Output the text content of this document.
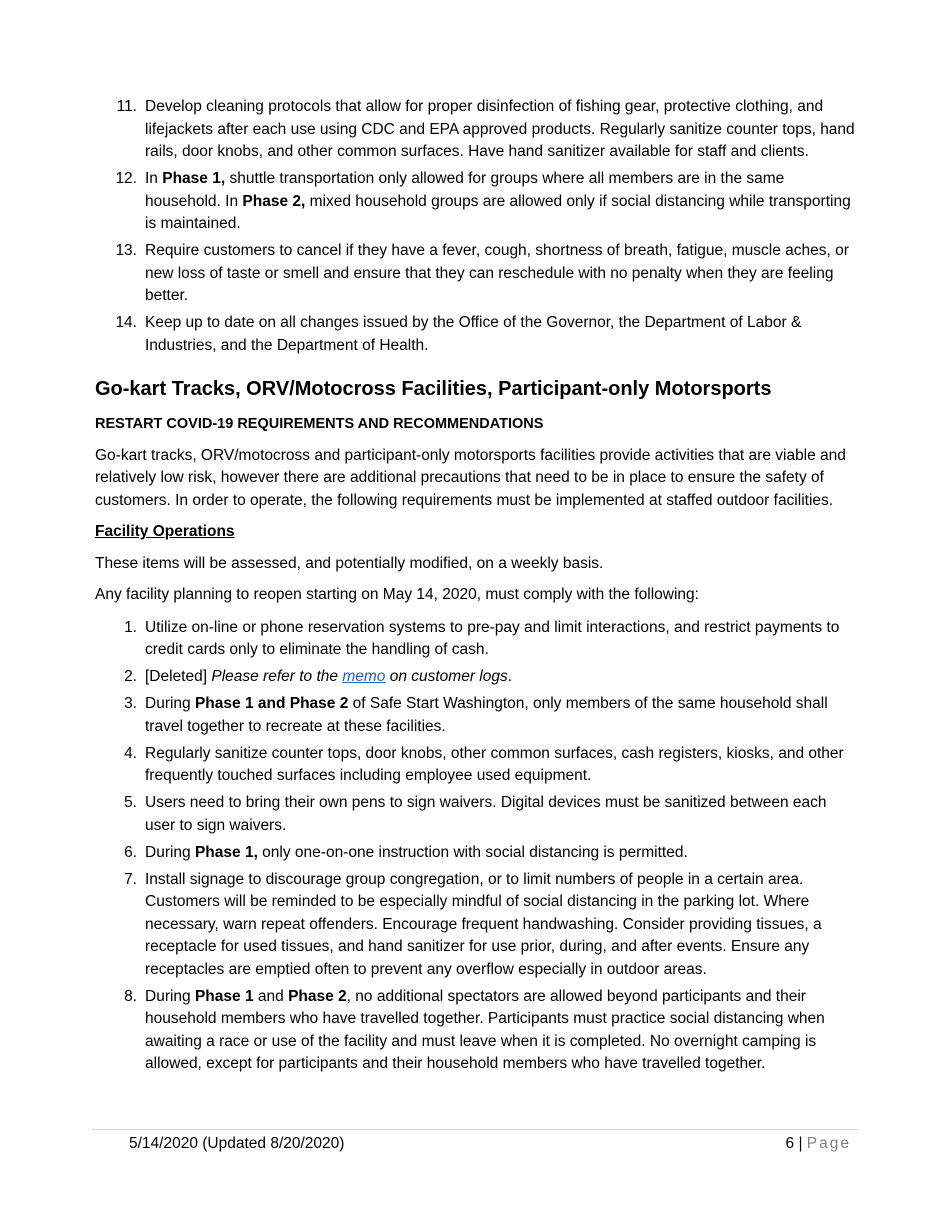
11. Develop cleaning protocols that allow for proper disinfection of fishing gear, protective clothing, and lifejackets after each use using CDC and EPA approved products. Regularly sanitize counter tops, hand rails, door knobs, and other common surfaces. Have hand sanitizer available for staff and clients.
12. In Phase 1, shuttle transportation only allowed for groups where all members are in the same household. In Phase 2, mixed household groups are allowed only if social distancing while transporting is maintained.
13. Require customers to cancel if they have a fever, cough, shortness of breath, fatigue, muscle aches, or new loss of taste or smell and ensure that they can reschedule with no penalty when they are feeling better.
14. Keep up to date on all changes issued by the Office of the Governor, the Department of Labor & Industries, and the Department of Health.
Go-kart Tracks, ORV/Motocross Facilities, Participant-only Motorsports
RESTART COVID-19 REQUIREMENTS AND RECOMMENDATIONS

Go-kart tracks, ORV/motocross and participant-only motorsports facilities provide activities that are viable and relatively low risk, however there are additional precautions that need to be in place to ensure the safety of customers. In order to operate, the following requirements must be implemented at staffed outdoor facilities.

Facility Operations

These items will be assessed, and potentially modified, on a weekly basis.

Any facility planning to reopen starting on May 14, 2020, must comply with the following:

1. Utilize on-line or phone reservation systems to pre-pay and limit interactions, and restrict payments to credit cards only to eliminate the handling of cash.
2. [Deleted] Please refer to the memo on customer logs.
3. During Phase 1 and Phase 2 of Safe Start Washington, only members of the same household shall travel together to recreate at these facilities.
4. Regularly sanitize counter tops, door knobs, other common surfaces, cash registers, kiosks, and other frequently touched surfaces including employee used equipment.
5. Users need to bring their own pens to sign waivers. Digital devices must be sanitized between each user to sign waivers.
6. During Phase 1, only one-on-one instruction with social distancing is permitted.
7. Install signage to discourage group congregation, or to limit numbers of people in a certain area. Customers will be reminded to be especially mindful of social distancing in the parking lot. Where necessary, warn repeat offenders. Encourage frequent handwashing. Consider providing tissues, a receptacle for used tissues, and hand sanitizer for use prior, during, and after events. Ensure any receptacles are emptied often to prevent any overflow especially in outdoor areas.
8. During Phase 1 and Phase 2, no additional spectators are allowed beyond participants and their household members who have travelled together. Participants must practice social distancing when awaiting a race or use of the facility and must leave when it is completed. No overnight camping is allowed, except for participants and their household members who have travelled together.
5/14/2020 (Updated 8/20/2020)	6 | Page
